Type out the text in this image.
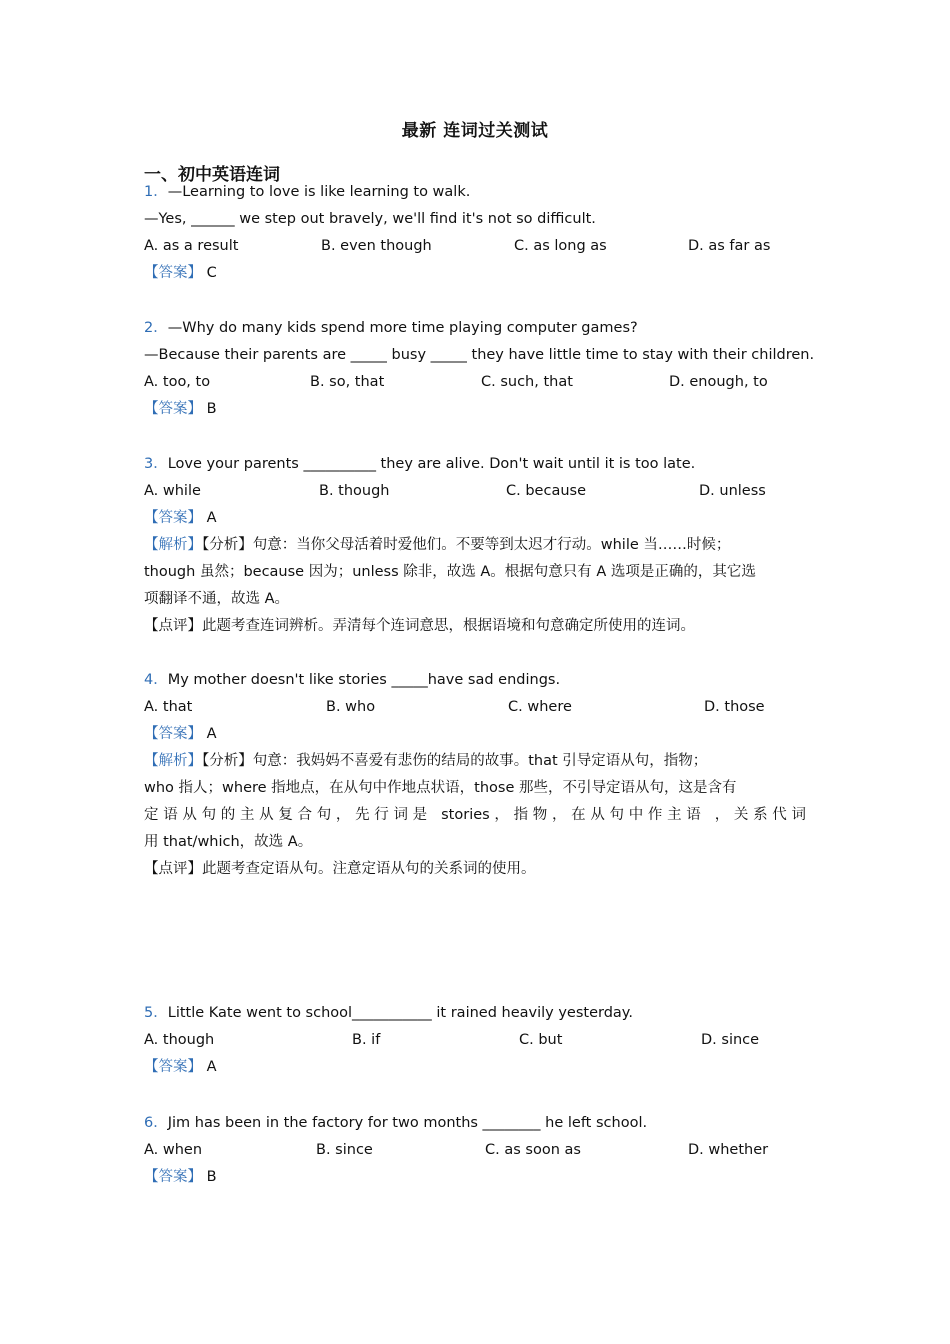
最新 连词过关测试
一、初中英语连词
1．—Learning to love is like learning to walk.
—Yes, ______ we step out bravely, we'll find it's not so difficult.
A. as a result	B. even though	C. as long as	D. as far as
【答案】 C
2．—Why do many kids spend more time playing computer games?
—Because their parents are _____ busy _____ they have little time to stay with their children.
A. too, to	B. so, that	C. such, that	D. enough, to
【答案】 B
3．Love your parents __________ they are alive. Don't wait until it is too late.
A. while	B. though	C. because	D. unless
【答案】 A
【解析】【分析】句意：当你父母活着时爱他们。不要等到太迟才行动。while 当……时候；
though 虽然；because 因为；unless 除非，故选 A。根据句意只有 A 选项是正确的，其它选
项翻译不通，故选 A。
【点评】此题考查连词辨析。弄清每个连词意思，根据语境和句意确定所使用的连词。
4．My mother doesn't like stories _____have sad endings.
A. that	B. who	C. where	D. those
【答案】 A
【解析】【分析】句意：我妈妈不喜爱有悲伤的结局的故事。that 引导定语从句，指物；
who 指人；where 指地点，在从句中作地点状语，those 那些，不引导定语从句，这是含有
定语从句的主从复合句，先行词是 stories，指物，在从句中作主语 ，关系代词
用 that/which，故选 A。
【点评】此题考查定语从句。注意定语从句的关系词的使用。
5．Little Kate went to school___________ it rained heavily yesterday.
A. though	B. if	C. but	D. since
【答案】 A
6．Jim has been in the factory for two months ________ he left school.
A. when	B. since	C. as soon as	D. whether
【答案】 B
